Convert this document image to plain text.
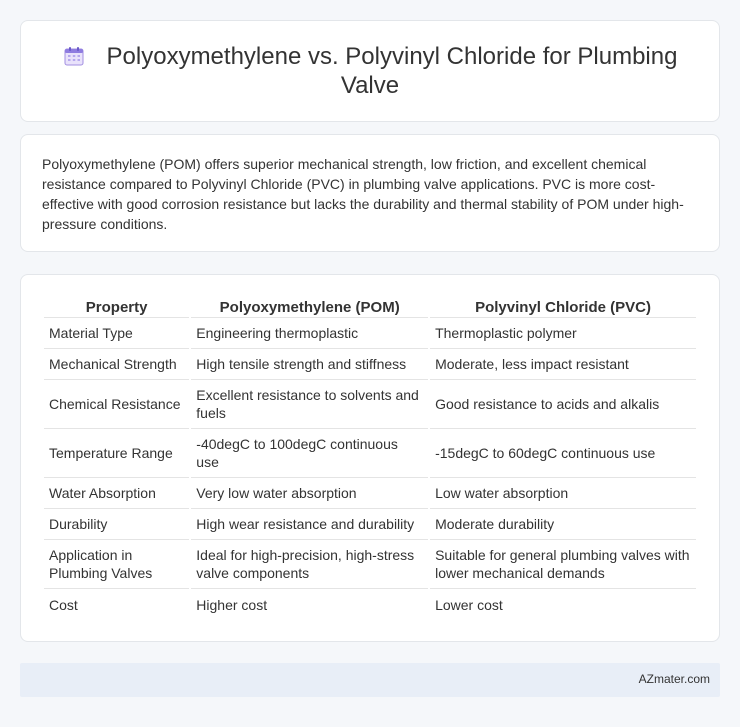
Polyoxymethylene vs. Polyvinyl Chloride for Plumbing Valve

Polyoxymethylene (POM) offers superior mechanical strength, low friction, and excellent chemical resistance compared to Polyvinyl Chloride (PVC) in plumbing valve applications. PVC is more cost-effective with good corrosion resistance but lacks the durability and thermal stability of POM under high-pressure conditions.

Property	Polyoxymethylene (POM)	Polyvinyl Chloride (PVC)
Material Type	Engineering thermoplastic	Thermoplastic polymer
Mechanical Strength	High tensile strength and stiffness	Moderate, less impact resistant
Chemical Resistance	Excellent resistance to solvents and fuels	Good resistance to acids and alkalis
Temperature Range	-40degC to 100degC continuous use	-15degC to 60degC continuous use
Water Absorption	Very low water absorption	Low water absorption
Durability	High wear resistance and durability	Moderate durability
Application in Plumbing Valves	Ideal for high-precision, high-stress valve components	Suitable for general plumbing valves with lower mechanical demands
Cost	Higher cost	Lower cost
AZmater.com
